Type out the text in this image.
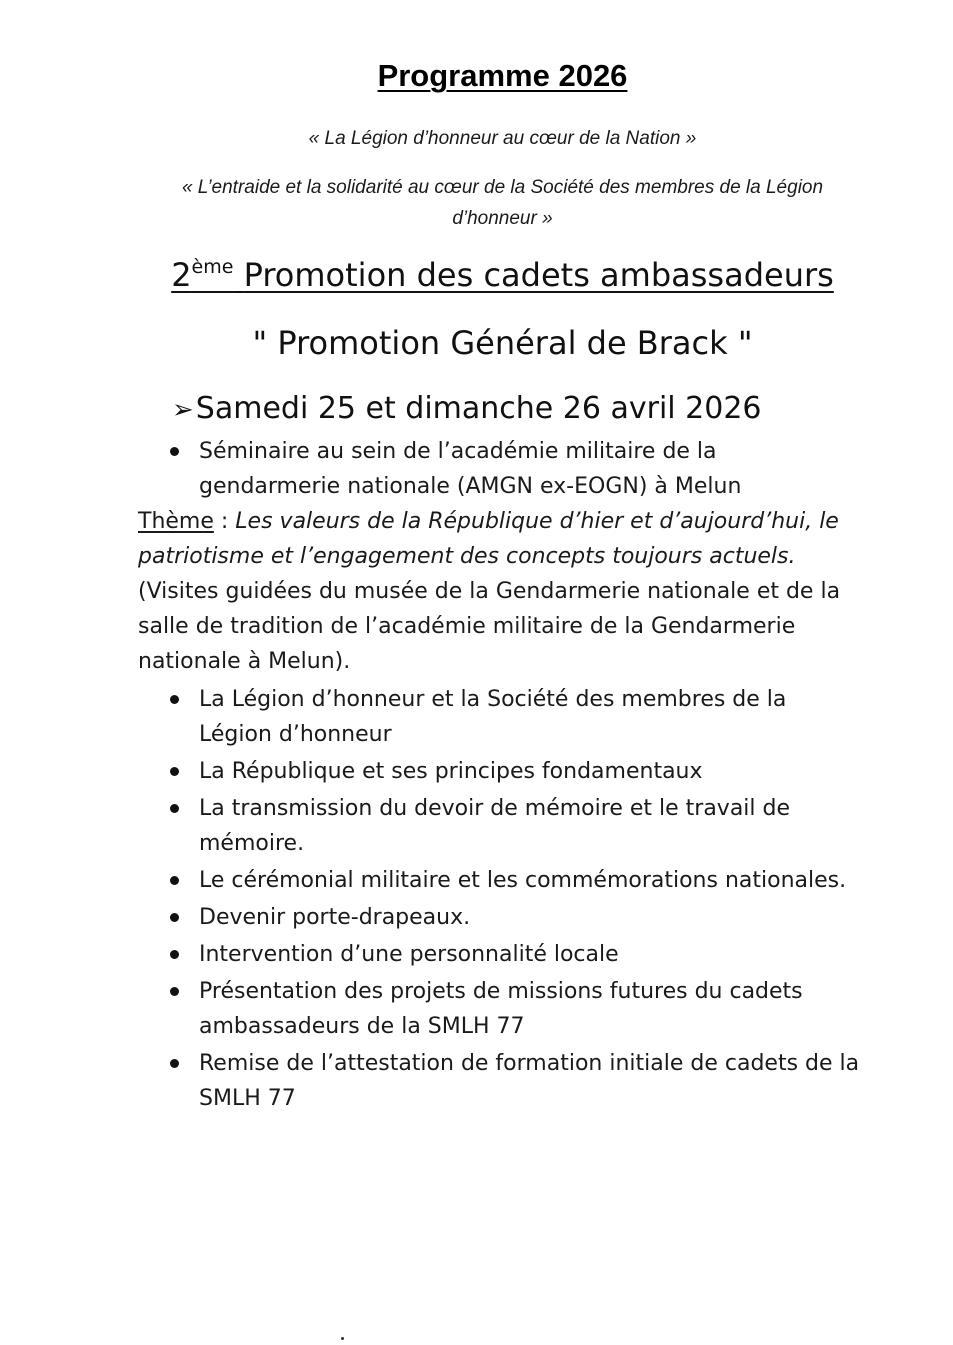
Programme 2026
« La Légion d’honneur au cœur de la Nation »
« L’entraide et la solidarité au cœur de la Société des membres de la Légion d’honneur »
2ème Promotion des cadets ambassadeurs
" Promotion Général de Brack "
➢Samedi 25 et dimanche 26 avril 2026
Séminaire au sein de l’académie militaire de la gendarmerie nationale (AMGN ex-EOGN) à Melun
Thème : Les valeurs de la République d’hier et d’aujourd’hui, le patriotisme et l’engagement des concepts toujours actuels. (Visites guidées du musée de la Gendarmerie nationale et de la salle de tradition de l’académie militaire de la Gendarmerie nationale à Melun).
La Légion d’honneur et la Société des membres de la Légion d’honneur
La République et ses principes fondamentaux
La transmission du devoir de mémoire et le travail de mémoire.
Le cérémonial militaire et les commémorations nationales.
Devenir porte-drapeaux.
Intervention d’une personnalité locale
Présentation des projets de missions futures du cadets ambassadeurs de la SMLH 77
Remise de l’attestation de formation initiale de cadets de la SMLH 77
